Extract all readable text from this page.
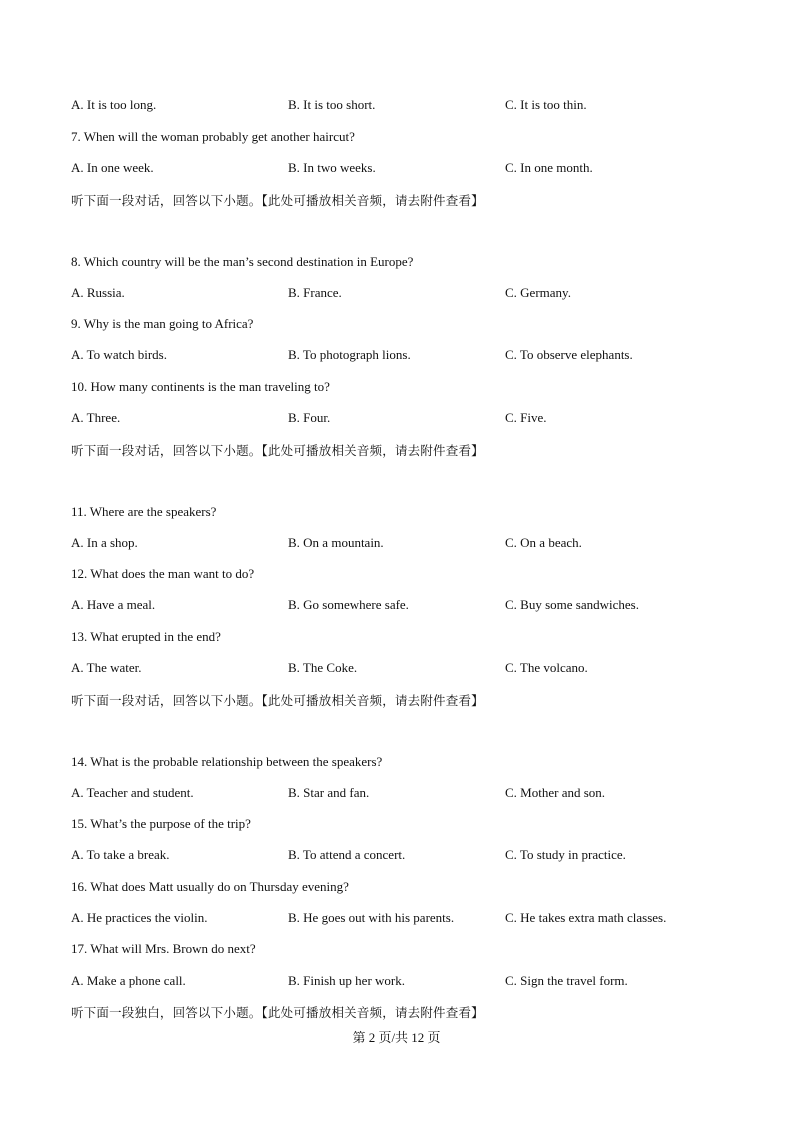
A. It is too long.	B. It is too short.	C. It is too thin.
7. When will the woman probably get another haircut?
A. In one week.	B. In two weeks.	C. In one month.
听下面一段对话，回答以下小题。【此处可播放相关音频，请去附件查看】
8. Which country will be the man’s second destination in Europe?
A. Russia.	B. France.	C. Germany.
9. Why is the man going to Africa?
A. To watch birds.	B. To photograph lions.	C. To observe elephants.
10. How many continents is the man traveling to?
A. Three.	B. Four.	C. Five.
听下面一段对话，回答以下小题。【此处可播放相关音频，请去附件查看】
11. Where are the speakers?
A. In a shop.	B. On a mountain.	C. On a beach.
12. What does the man want to do?
A. Have a meal.	B. Go somewhere safe.	C. Buy some sandwiches.
13. What erupted in the end?
A. The water.	B. The Coke.	C. The volcano.
听下面一段对话，回答以下小题。【此处可播放相关音频，请去附件查看】
14. What is the probable relationship between the speakers?
A. Teacher and student.	B. Star and fan.	C. Mother and son.
15. What’s the purpose of the trip?
A. To take a break.	B. To attend a concert.	C. To study in practice.
16. What does Matt usually do on Thursday evening?
A. He practices the violin.	B. He goes out with his parents.	C. He takes extra math classes.
17. What will Mrs. Brown do next?
A. Make a phone call.	B. Finish up her work.	C. Sign the travel form.
听下面一段独白，回答以下小题。【此处可播放相关音频，请去附件查看】
第 2 页/共 12 页
